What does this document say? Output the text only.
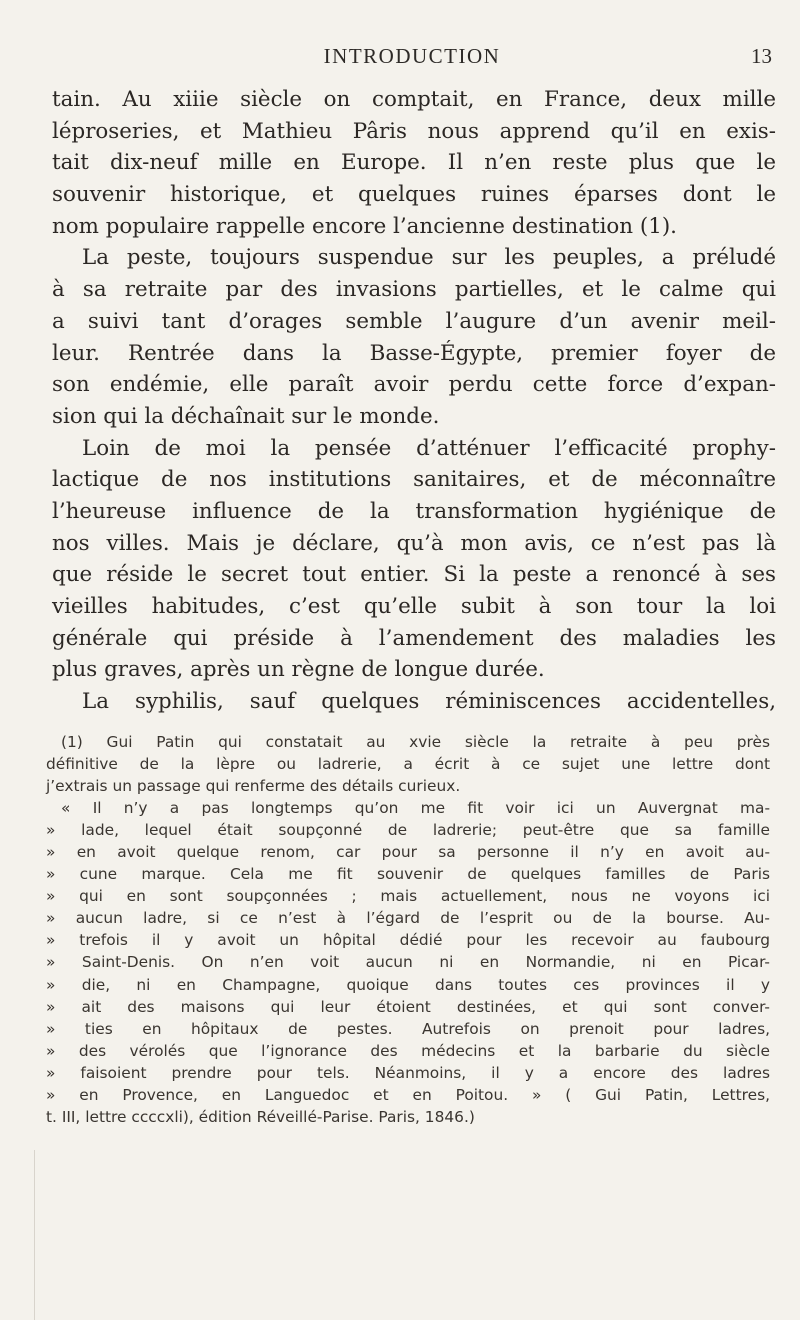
INTRODUCTION	13
tain. Au xiiie siècle on comptait, en France, deux mille
léproseries, et Mathieu Pâris nous apprend qu’il en exis-
tait dix-neuf mille en Europe. Il n’en reste plus que le
souvenir historique, et quelques ruines éparses dont le
nom populaire rappelle encore l’ancienne destination (1).
La peste, toujours suspendue sur les peuples, a préludé
à sa retraite par des invasions partielles, et le calme qui
a suivi tant d’orages semble l’augure d’un avenir meil-
leur. Rentrée dans la Basse-Égypte, premier foyer de
son endémie, elle paraît avoir perdu cette force d’expan-
sion qui la déchaînait sur le monde.
Loin de moi la pensée d’atténuer l’efficacité prophy-
lactique de nos institutions sanitaires, et de méconnaître
l’heureuse influence de la transformation hygiénique de
nos villes. Mais je déclare, qu’à mon avis, ce n’est pas là
que réside le secret tout entier. Si la peste a renoncé à ses
vieilles habitudes, c’est qu’elle subit à son tour la loi
générale qui préside à l’amendement des maladies les
plus graves, après un règne de longue durée.
La syphilis, sauf quelques réminiscences accidentelles,
(1) Gui Patin qui constatait au xvie siècle la retraite à peu près
définitive de la lèpre ou ladrerie, a écrit à ce sujet une lettre dont
j’extrais un passage qui renferme des détails curieux.
« Il n’y a pas longtemps qu’on me fit voir ici un Auvergnat ma-
» lade, lequel était soupçonné de ladrerie; peut-être que sa famille
» en avoit quelque renom, car pour sa personne il n’y en avoit au-
» cune marque. Cela me fit souvenir de quelques familles de Paris
» qui en sont soupçonnées ; mais actuellement, nous ne voyons ici
» aucun ladre, si ce n’est à l’égard de l’esprit ou de la bourse. Au-
» trefois il y avoit un hôpital dédié pour les recevoir au faubourg
» Saint-Denis. On n’en voit aucun ni en Normandie, ni en Picar-
» die, ni en Champagne, quoique dans toutes ces provinces il y
» ait des maisons qui leur étoient destinées, et qui sont conver-
» ties en hôpitaux de pestes. Autrefois on prenoit pour ladres,
» des vérolés que l’ignorance des médecins et la barbarie du siècle
» faisoient prendre pour tels. Néanmoins, il y a encore des ladres
» en Provence, en Languedoc et en Poitou. » ( Gui Patin, Lettres,
t. III, lettre ccccxli), édition Réveillé-Parise. Paris, 1846.)
